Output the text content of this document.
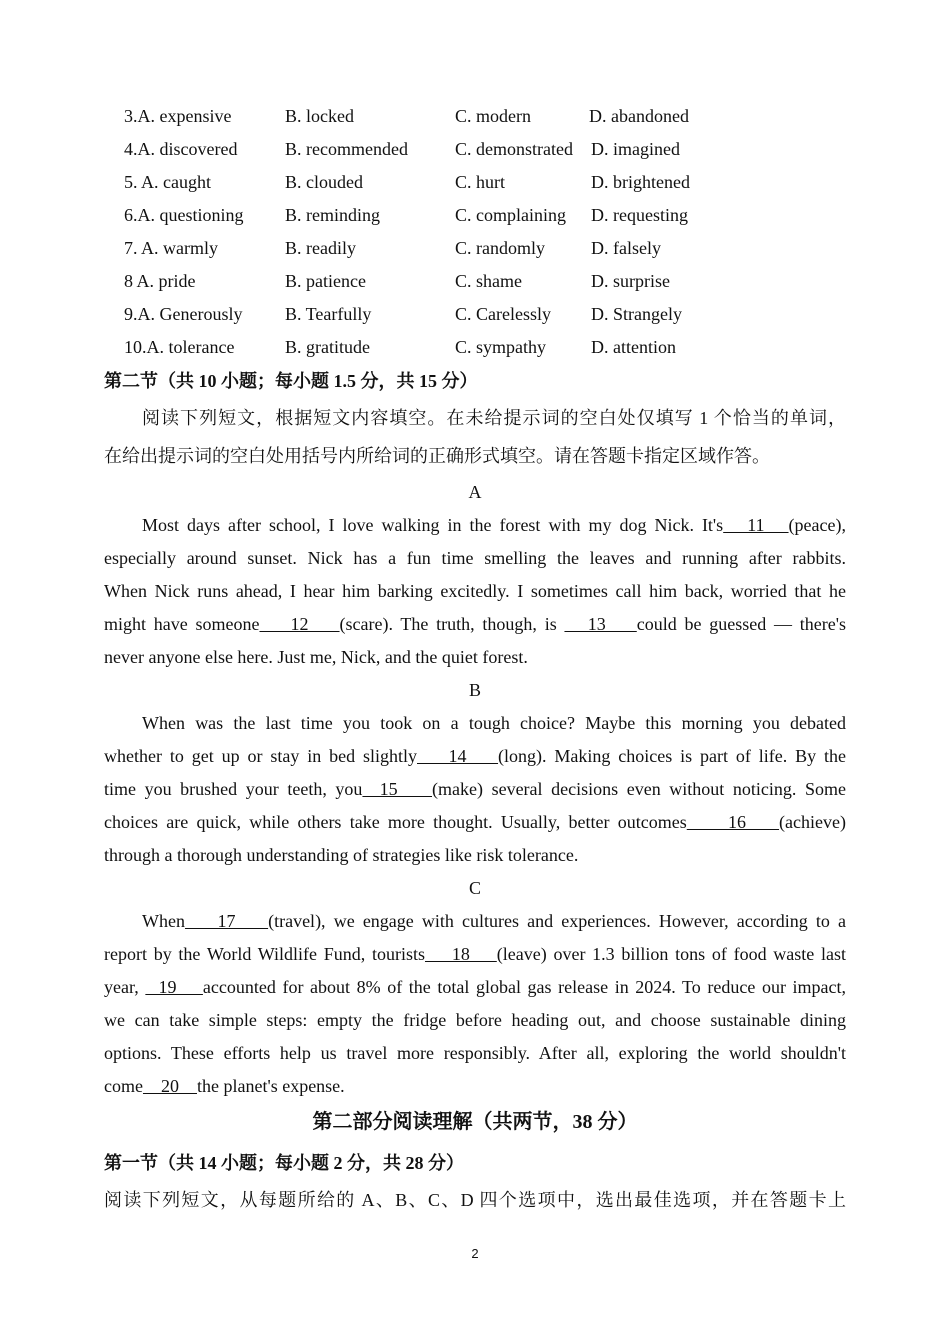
3.A. expensive	B. locked	C. modern	D. abandoned
4.A. discovered	B. recommended	C. demonstrated D. imagined
5. A. caught	B. clouded	C. hurt	D. brightened
6.A. questioning B. reminding	C. complaining D. requesting
7. A. warmly	B. readily	C. randomly	D. falsely
8 A. pride	B. patience	C. shame	D. surprise
9.A. Generously B. Tearfully	C. Carelessly D. Strangely
10.A. tolerance	B. gratitude	C. sympathy D. attention
第二节（共 10 小题；每小题 1.5 分，共 15 分）
阅读下列短文，根据短文内容填空。在未给提示词的空白处仅填写 1 个恰当的单词，
在给出提示词的空白处用括号内所给词的正确形式填空。请在答题卡指定区域作答。
A
Most days after school, I love walking in the forest with my dog Nick. It's   11   (peace),
especially around sunset. Nick has a fun time smelling the leaves and running after rabbits.
When Nick runs ahead, I hear him barking excitedly. I sometimes call him back, worried that he
might have someone    12    (scare). The truth, though, is    13    could be guessed — there's
never anyone else here. Just me, Nick, and the quiet forest.
B
When was the last time you took on a tough choice? Maybe this morning you debated
whether to get up or stay in bed slightly    14    (long). Making choices is part of life. By the
time you brushed your teeth, you  15    (make) several decisions even without noticing. Some
choices are quick, while others take more thought. Usually, better outcomes     16    (achieve)
through a thorough understanding of strategies like risk tolerance.
C
When    17    (travel), we engage with cultures and experiences. However, according to a
report by the World Wildlife Fund, tourists    18    (leave) over 1.3 billion tons of food waste last
year,   19    accounted for about 8% of the total global gas release in 2024. To reduce our impact,
we can take simple steps: empty the fridge before heading out, and choose sustainable dining
options. These efforts help us travel more responsibly. After all, exploring the world shouldn't
come    20    the planet's expense.
第二部分阅读理解（共两节，38 分）
第一节（共 14 小题；每小题 2 分，共 28 分）
阅读下列短文，从每题所给的 A、B、C、D 四个选项中，选出最佳选项，并在答题卡上
2
